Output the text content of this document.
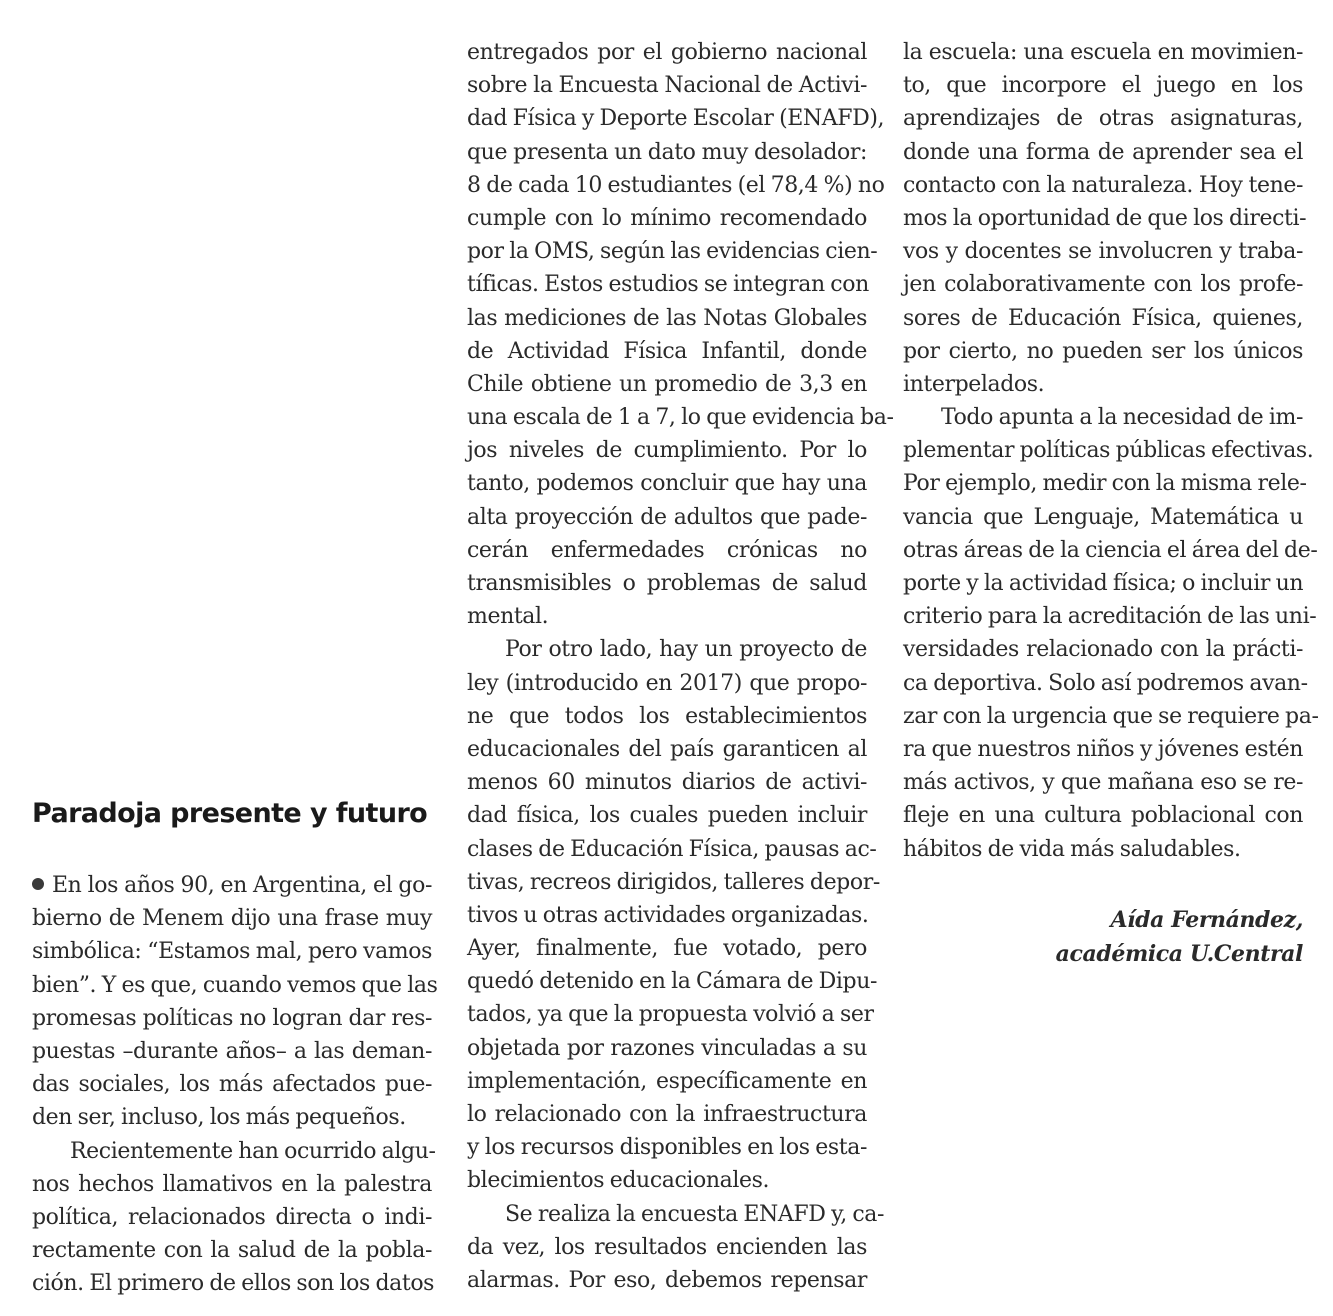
Paradoja presente y futuro

En los años 90, en Argentina, el go-
bierno de Menem dijo una frase muy
simbólica: “Estamos mal, pero vamos
bien”. Y es que, cuando vemos que las
promesas políticas no logran dar res-
puestas –durante años– a las deman-
das sociales, los más afectados pue-
den ser, incluso, los más pequeños.

Recientemente han ocurrido algu-
nos hechos llamativos en la palestra
política, relacionados directa o indi-
rectamente con la salud de la pobla-
ción. El primero de ellos son los datos

entregados por el gobierno nacional
sobre la Encuesta Nacional de Activi-
dad Física y Deporte Escolar (ENAFD),
que presenta un dato muy desolador:
8 de cada 10 estudiantes (el 78,4 %) no
cumple con lo mínimo recomendado
por la OMS, según las evidencias cien-
tíficas. Estos estudios se integran con
las mediciones de las Notas Globales
de Actividad Física Infantil, donde
Chile obtiene un promedio de 3,3 en
una escala de 1 a 7, lo que evidencia ba-
jos niveles de cumplimiento. Por lo
tanto, podemos concluir que hay una
alta proyección de adultos que pade-
cerán enfermedades crónicas no
transmisibles o problemas de salud
mental.

Por otro lado, hay un proyecto de
ley (introducido en 2017) que propo-
ne que todos los establecimientos
educacionales del país garanticen al
menos 60 minutos diarios de activi-
dad física, los cuales pueden incluir
clases de Educación Física, pausas ac-
tivas, recreos dirigidos, talleres depor-
tivos u otras actividades organizadas.
Ayer, finalmente, fue votado, pero
quedó detenido en la Cámara de Dipu-
tados, ya que la propuesta volvió a ser
objetada por razones vinculadas a su
implementación, específicamente en
lo relacionado con la infraestructura
y los recursos disponibles en los esta-
blecimientos educacionales.

Se realiza la encuesta ENAFD y, ca-
da vez, los resultados encienden las
alarmas. Por eso, debemos repensar

la escuela: una escuela en movimien-
to, que incorpore el juego en los
aprendizajes de otras asignaturas,
donde una forma de aprender sea el
contacto con la naturaleza. Hoy tene-
mos la oportunidad de que los directi-
vos y docentes se involucren y traba-
jen colaborativamente con los profe-
sores de Educación Física, quienes,
por cierto, no pueden ser los únicos
interpelados.

Todo apunta a la necesidad de im-
plementar políticas públicas efectivas.
Por ejemplo, medir con la misma rele-
vancia que Lenguaje, Matemática u
otras áreas de la ciencia el área del de-
porte y la actividad física; o incluir un
criterio para la acreditación de las uni-
versidades relacionado con la prácti-
ca deportiva. Solo así podremos avan-
zar con la urgencia que se requiere pa-
ra que nuestros niños y jóvenes estén
más activos, y que mañana eso se re-
fleje en una cultura poblacional con
hábitos de vida más saludables.

Aída Fernández,
académica U.Central
